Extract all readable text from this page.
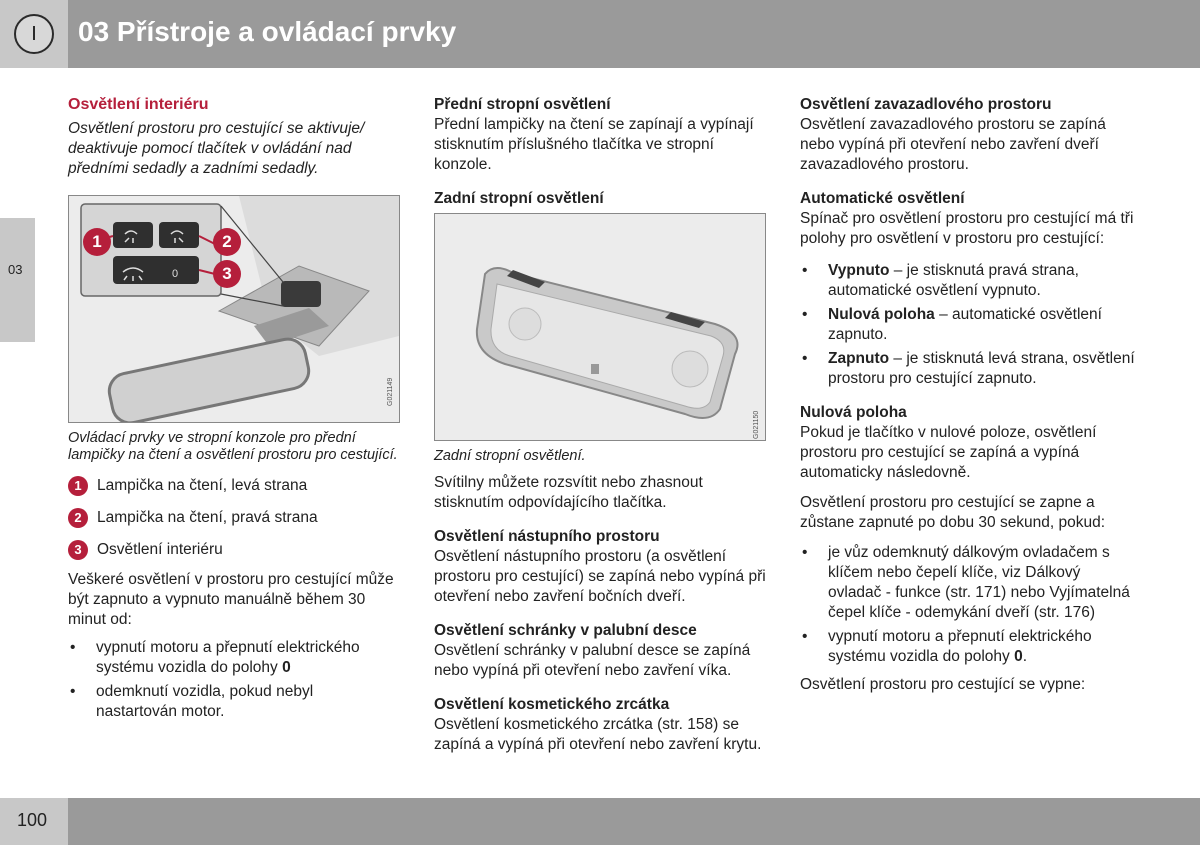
03 Přístroje a ovládací prvky
03

Osvětlení interiéru

Osvětlení prostoru pro cestující se aktivuje/ deaktivuje pomocí tlačítek v ovládání nad předními sedadly a zadními sedadly.

0
1	2
3
G021149

Ovládací prvky ve stropní konzole pro přední lampičky na čtení a osvětlení prostoru pro cestující.

1 Lampička na čtení, levá strana
2 Lampička na čtení, pravá strana
3 Osvětlení interiéru

Veškeré osvětlení v prostoru pro cestující může být zapnuto a vypnuto manuálně během 30 minut od:

• vypnutí motoru a přepnutí elektrického systému vozidla do polohy 0
• odemknutí vozidla, pokud nebyl nastartován motor.

Přední stropní osvětlení

Přední lampičky na čtení se zapínají a vypínají stisknutím příslušného tlačítka ve stropní konzole.

Zadní stropní osvětlení

G021150

Zadní stropní osvětlení.

Svítilny můžete rozsvítit nebo zhasnout stisknutím odpovídajícího tlačítka.

Osvětlení nástupního prostoru

Osvětlení nástupního prostoru (a osvětlení prostoru pro cestující) se zapíná nebo vypíná při otevření nebo zavření bočních dveří.

Osvětlení schránky v palubní desce

Osvětlení schránky v palubní desce se zapíná nebo vypíná při otevření nebo zavření víka.

Osvětlení kosmetického zrcátka

Osvětlení kosmetického zrcátka (str. 158) se zapíná a vypíná při otevření nebo zavření krytu.

Osvětlení zavazadlového prostoru

Osvětlení zavazadlového prostoru se zapíná nebo vypíná při otevření nebo zavření dveří zavazadlového prostoru.

Automatické osvětlení

Spínač pro osvětlení prostoru pro cestující má tři polohy pro osvětlení v prostoru pro cestující:

• Vypnuto – je stisknutá pravá strana, automatické osvětlení vypnuto.
• Nulová poloha – automatické osvětlení zapnuto.
• Zapnuto – je stisknutá levá strana, osvětlení prostoru pro cestující zapnuto.

Nulová poloha

Pokud je tlačítko v nulové poloze, osvětlení prostoru pro cestující se zapíná a vypíná automaticky následovně.

Osvětlení prostoru pro cestující se zapne a zůstane zapnuté po dobu 30 sekund, pokud:

• je vůz odemknutý dálkovým ovladačem s klíčem nebo čepelí klíče, viz Dálkový ovladač - funkce (str. 171) nebo Vyjímatelná čepel klíče - odemykání dveří (str. 176)
• vypnutí motoru a přepnutí elektrického systému vozidla do polohy 0.

Osvětlení prostoru pro cestující se vypne:

100
